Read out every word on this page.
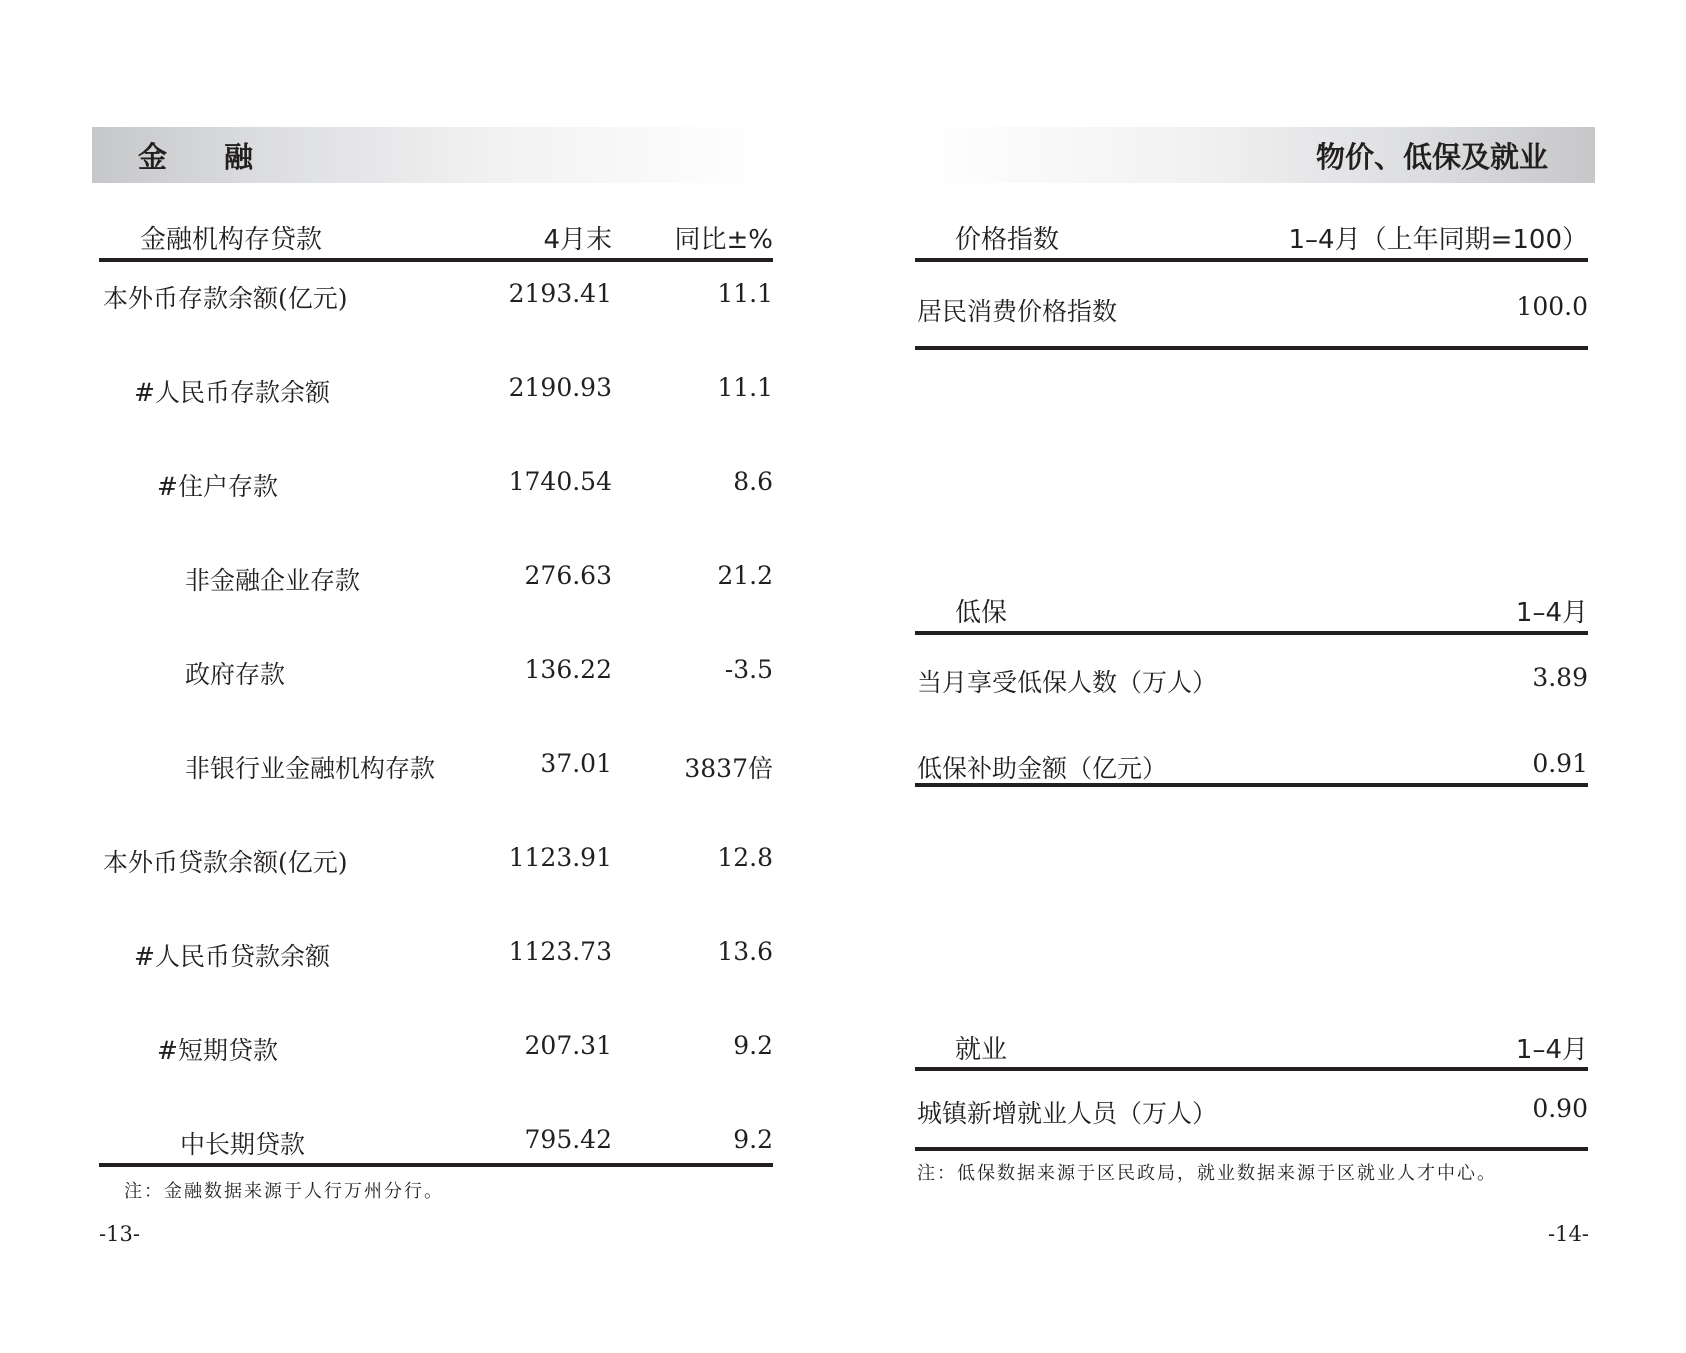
金　融
金融机构存贷款	4月末	同比±%
本外币存款余额(亿元)	2193.41	11.1
#人民币存款余额	2190.93	11.1
#住户存款	1740.54	8.6
非金融企业存款	276.63	21.2
政府存款	136.22	-3.5
非银行业金融机构存款	37.01	3837倍
本外币贷款余额(亿元)	1123.91	12.8
#人民币贷款余额	1123.73	13.6
#短期贷款	207.31	9.2
中长期贷款	795.42	9.2
注：金融数据来源于人行万州分行。
-13-
物价、低保及就业
价格指数	1–4月（上年同期=100）
居民消费价格指数	100.0
低保	1–4月
当月享受低保人数（万人）	3.89
低保补助金额（亿元）	0.91
就业	1–4月
城镇新增就业人员（万人）	0.90
注：低保数据来源于区民政局，就业数据来源于区就业人才中心。
-14-
